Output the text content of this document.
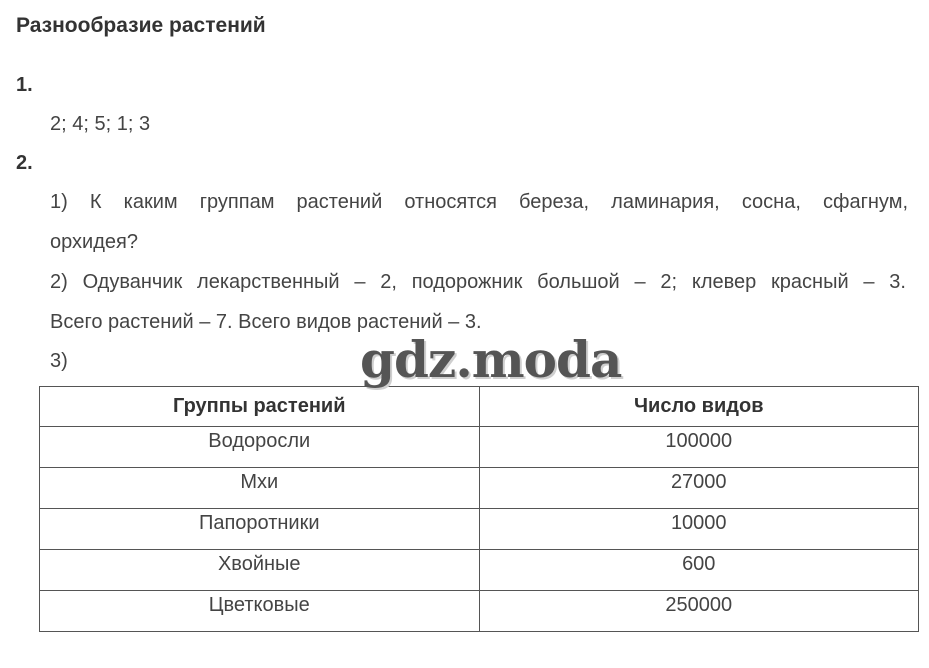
Разнообразие растений
1.
2; 4; 5; 1; 3
2.
1) К каким группам растений относятся береза, ламинария, сосна, сфагнум,
орхидея?
2) Одуванчик лекарственный – 2, подорожник большой – 2; клевер красный – 3.
Всего растений – 7. Всего видов растений – 3.
3)
Группы растений	Число видов
Водоросли	100000
Мхи	27000
Папоротники	10000
Хвойные	600
Цветковые	250000
gdz.moda
